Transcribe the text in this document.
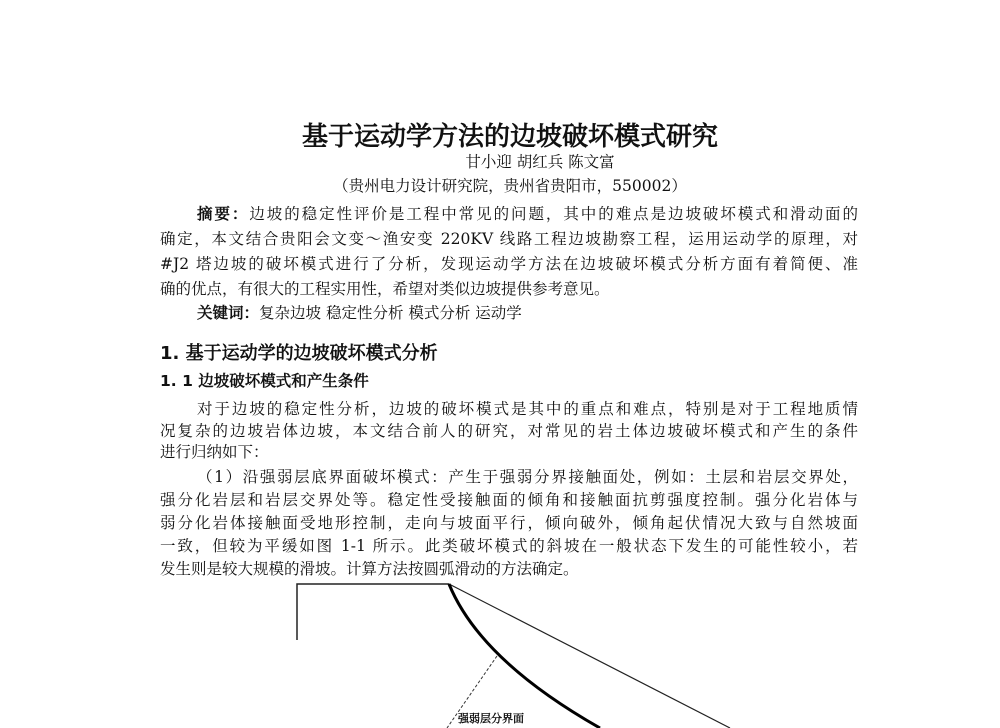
基于运动学方法的边坡破坏模式研究
甘小迎 胡红兵 陈文富
（贵州电力设计研究院，贵州省贵阳市，550002）
摘要：边坡的稳定性评价是工程中常见的问题，其中的难点是边坡破坏模式和滑动面的
确定，本文结合贵阳会文变～渔安变 220KV 线路工程边坡勘察工程，运用运动学的原理，对
#J2 塔边坡的破坏模式进行了分析，发现运动学方法在边坡破坏模式分析方面有着简便、准
确的优点，有很大的工程实用性，希望对类似边坡提供参考意见。
关键词：复杂边坡 稳定性分析 模式分析 运动学
1. 基于运动学的边坡破坏模式分析
1. 1 边坡破坏模式和产生条件
对于边坡的稳定性分析，边坡的破坏模式是其中的重点和难点，特别是对于工程地质情
况复杂的边坡岩体边坡，本文结合前人的研究，对常见的岩土体边坡破坏模式和产生的条件
进行归纳如下：
（1）沿强弱层底界面破坏模式：产生于强弱分界接触面处，例如：土层和岩层交界处，
强分化岩层和岩层交界处等。稳定性受接触面的倾角和接触面抗剪强度控制。强分化岩体与
弱分化岩体接触面受地形控制，走向与坡面平行，倾向破外，倾角起伏情况大致与自然坡面
一致，但较为平缓如图 1-1 所示。此类破坏模式的斜坡在一般状态下发生的可能性较小，若
发生则是较大规模的滑坡。计算方法按圆弧滑动的方法确定。
强弱层分界面
